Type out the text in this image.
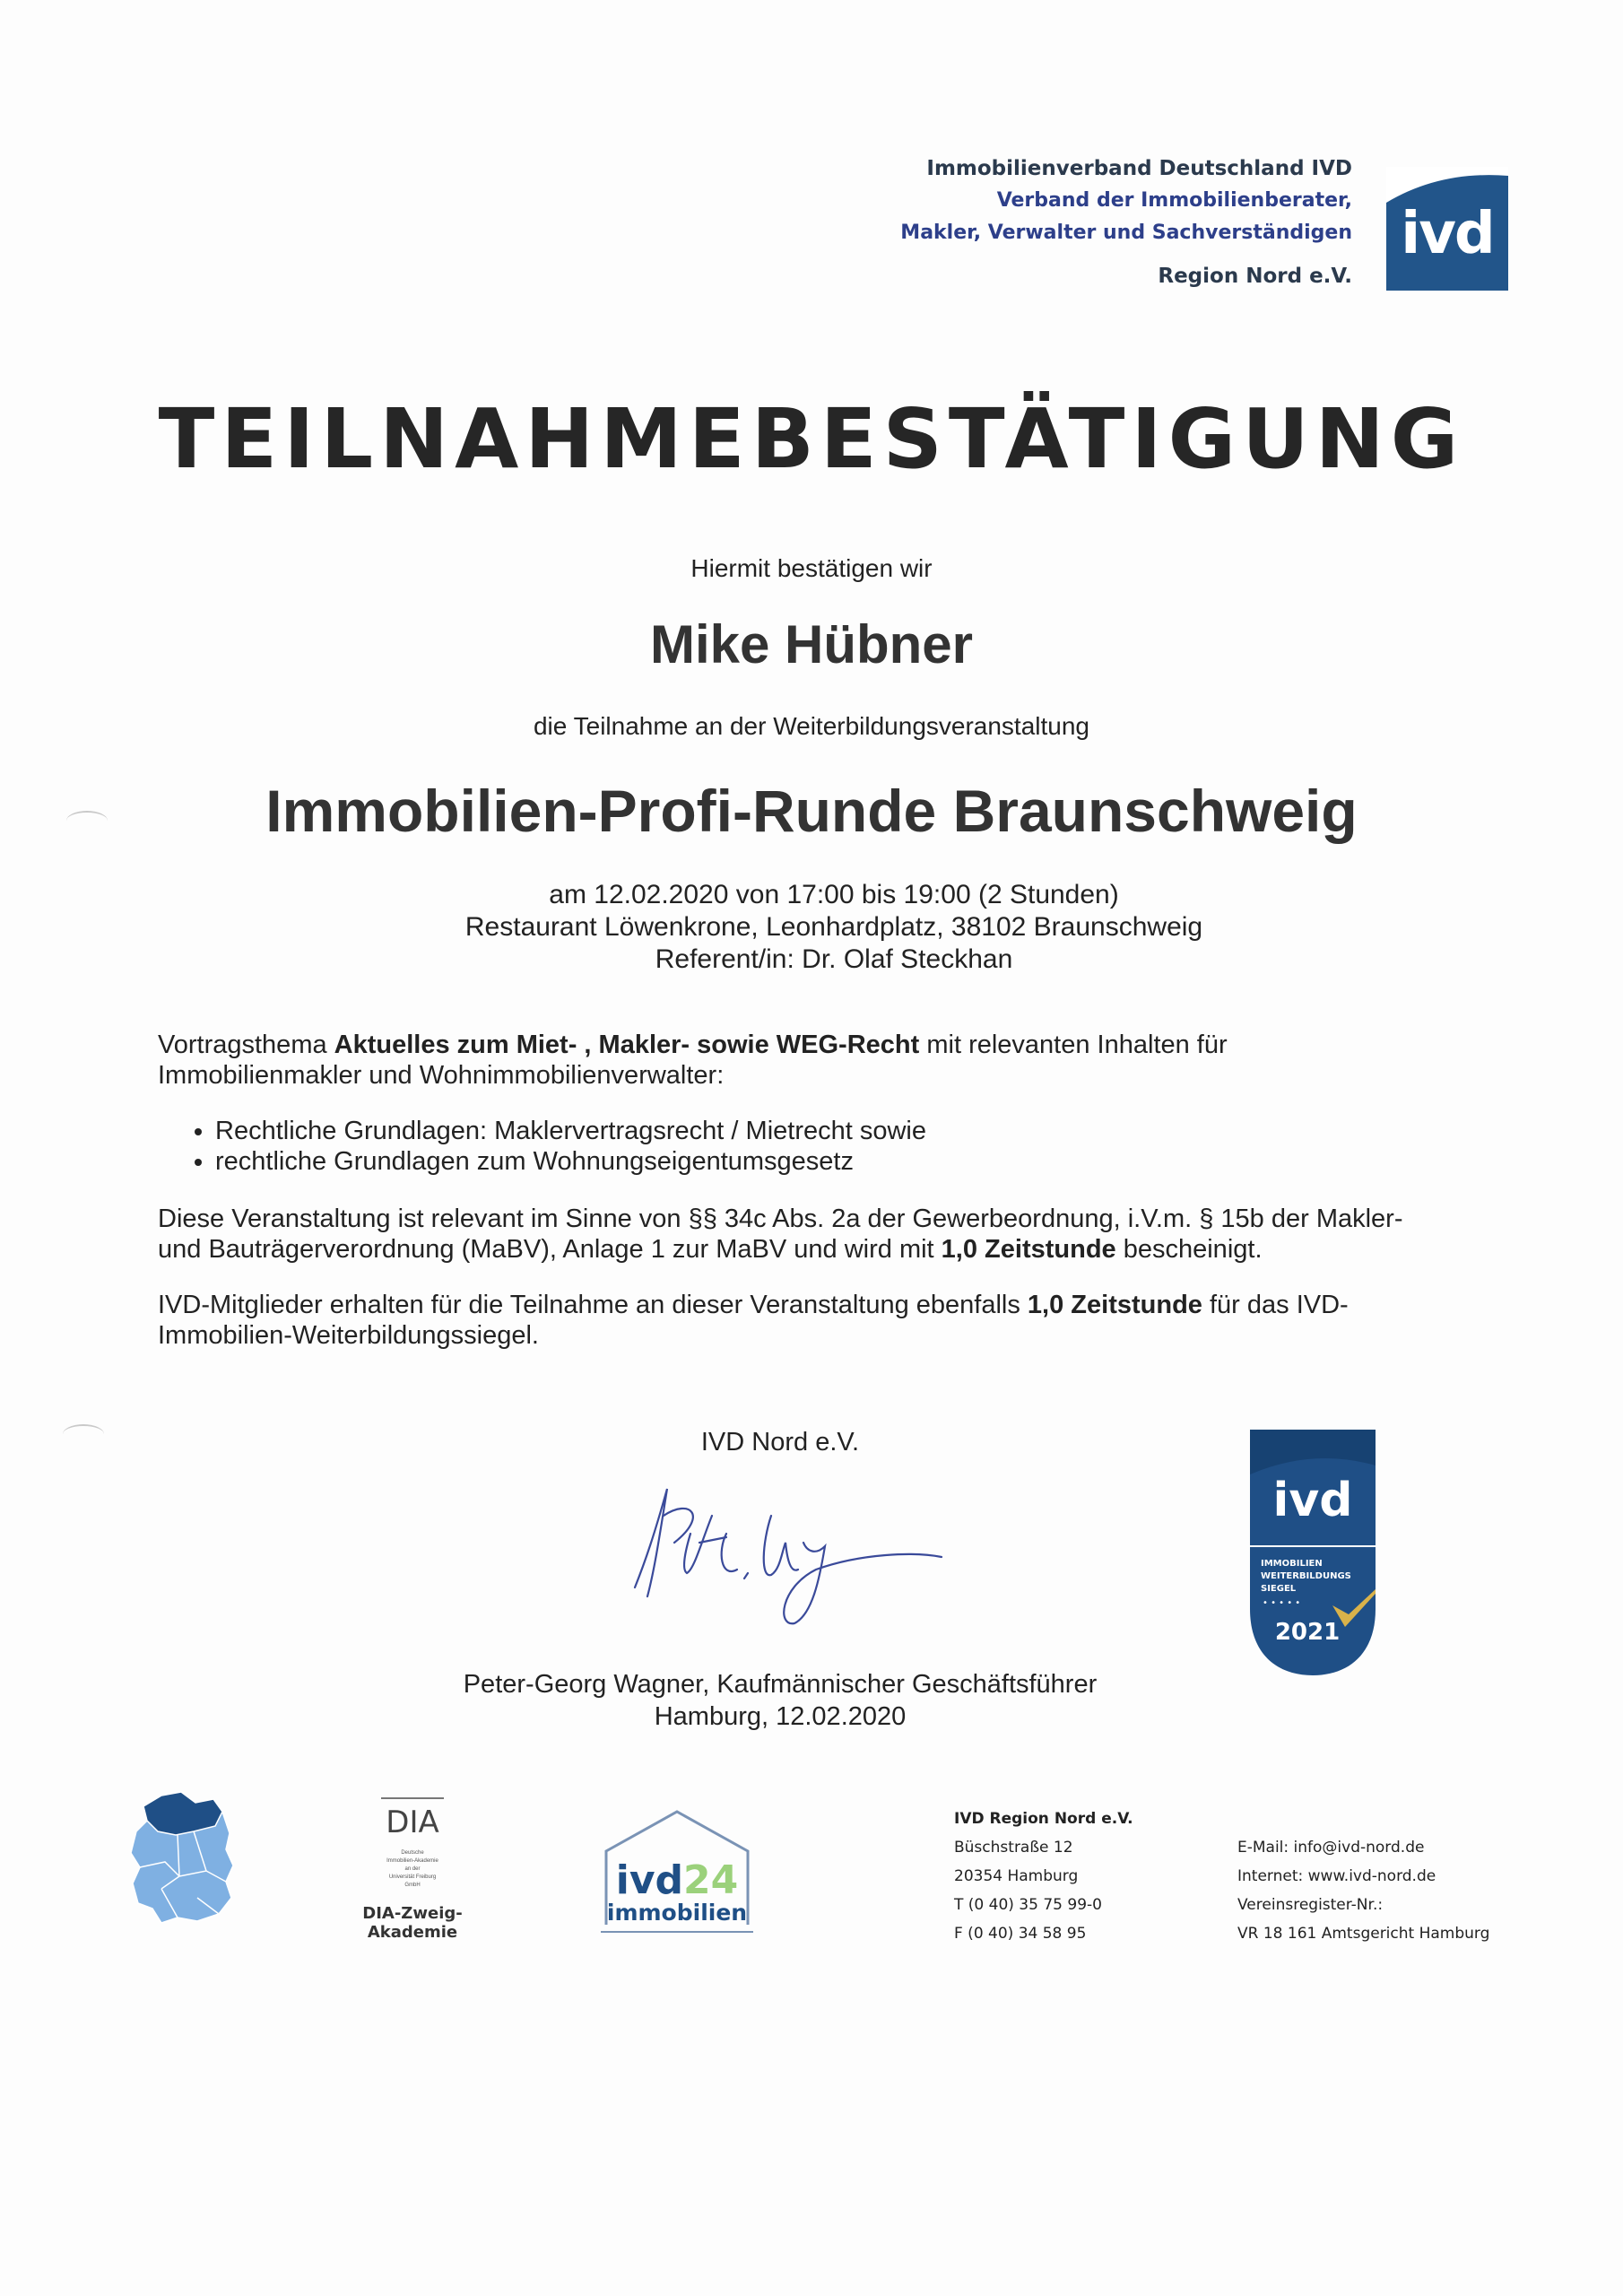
Immobilienverband Deutschland IVD
Verband der Immobilienberater,
Makler, Verwalter und Sachverständigen
Region Nord e.V.
ivd
TEILNAHMEBESTÄTIGUNG
Hiermit bestätigen wir
Mike Hübner
die Teilnahme an der Weiterbildungsveranstaltung
Immobilien-Profi-Runde Braunschweig
am 12.02.2020 von 17:00 bis 19:00 (2 Stunden)
Restaurant Löwenkrone, Leonhardplatz, 38102 Braunschweig
Referent/in: Dr. Olaf Steckhan

Vortragsthema Aktuelles zum Miet- , Makler- sowie WEG-Recht mit relevanten Inhalten für Immobilienmakler und Wohnimmobilienverwalter:

• Rechtliche Grundlagen: Maklervertragsrecht / Mietrecht sowie
• rechtliche Grundlagen zum Wohnungseigentumsgesetz

Diese Veranstaltung ist relevant im Sinne von §§ 34c Abs. 2a der Gewerbeordnung, i.V.m. § 15b der Makler- und Bauträgerverordnung (MaBV), Anlage 1 zur MaBV und wird mit 1,0 Zeitstunde bescheinigt.

IVD-Mitglieder erhalten für die Teilnahme an dieser Veranstaltung ebenfalls 1,0 Zeitstunde für das IVD-Immobilien-Weiterbildungssiegel.

IVD Nord e.V.
Peter-Georg Wagner, Kaufmännischer Geschäftsführer
Hamburg, 12.02.2020
ivd
IMMOBILIEN
WEITERBILDUNGS
SIEGEL
• • • • •
2021
DIA
Deutsche
Immobilien-Akademie
an der
Universität Freiburg
GmbH
DIA-Zweig-Akademie
ivd24
immobilien
IVD Region Nord e.V.
Büschstraße 12
20354 Hamburg
T (0 40) 35 75 99-0
F (0 40) 34 58 95
E-Mail: info@ivd-nord.de
Internet: www.ivd-nord.de
Vereinsregister-Nr.:
VR 18 161 Amtsgericht Hamburg
